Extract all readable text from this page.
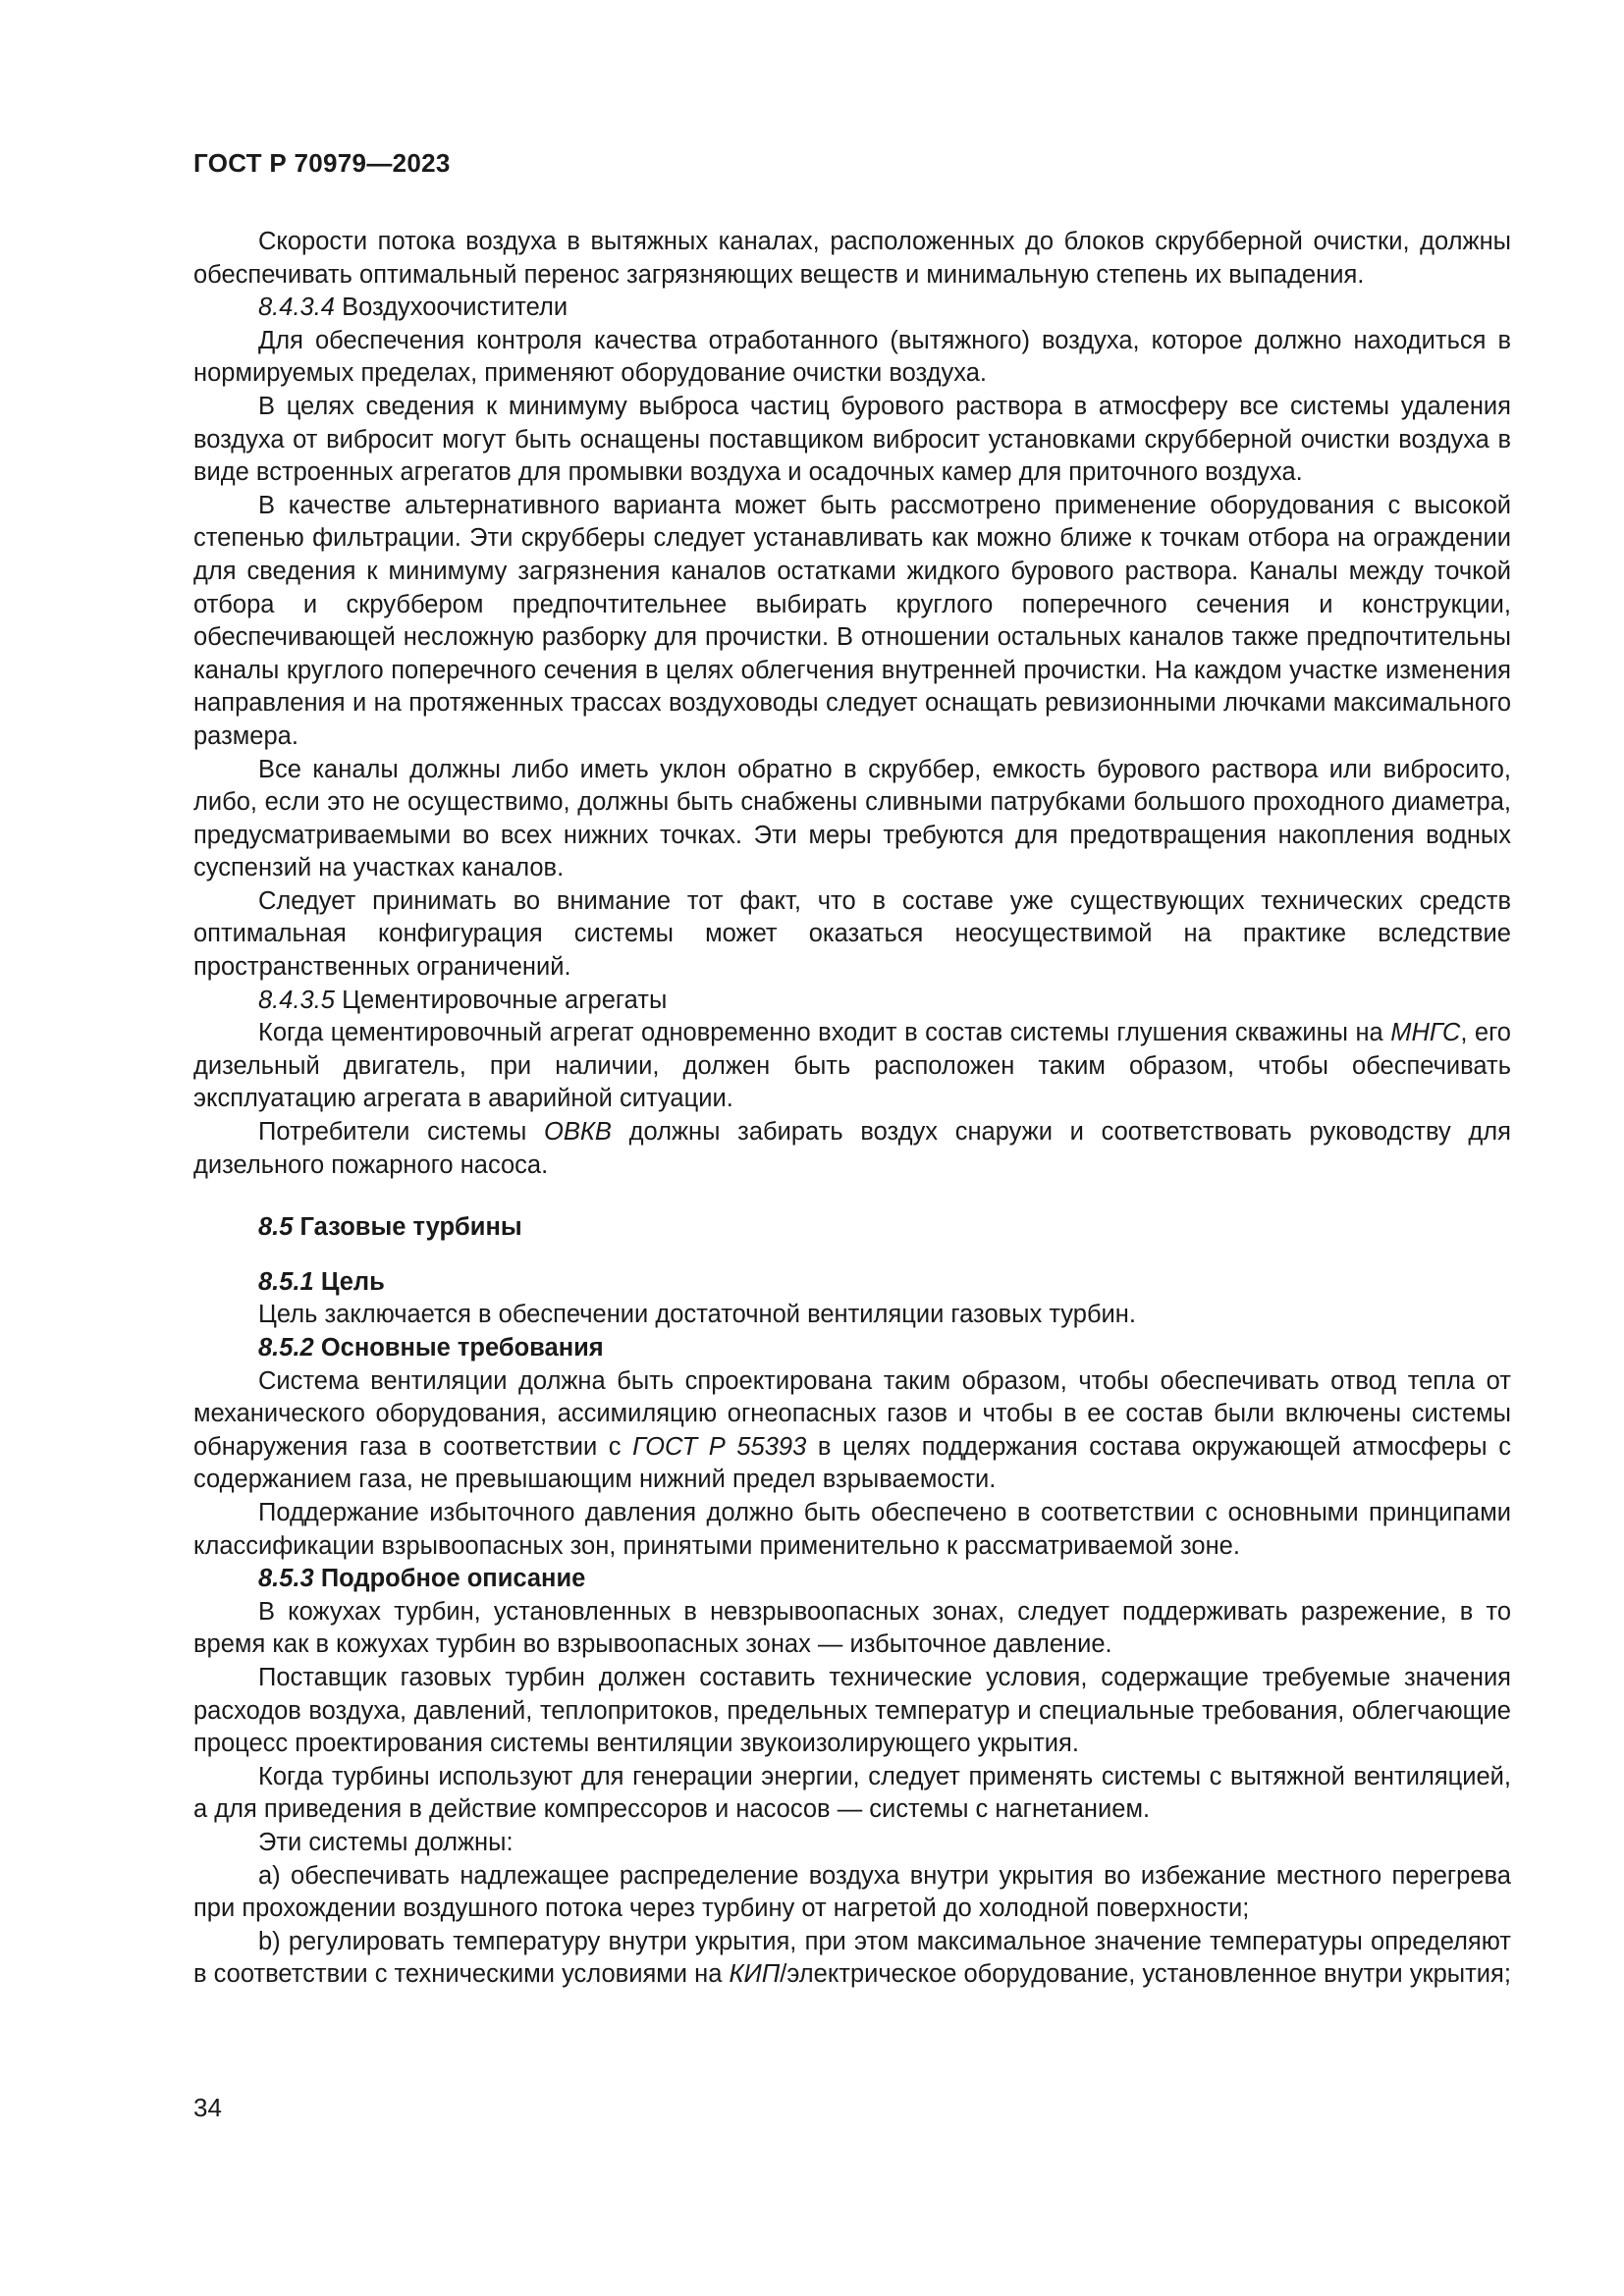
ГОСТ Р 70979—2023

Скорости потока воздуха в вытяжных каналах, расположенных до блоков скрубберной очистки, должны обеспечивать оптимальный перенос загрязняющих веществ и минимальную степень их выпадения.

8.4.3.4 Воздухоочистители

Для обеспечения контроля качества отработанного (вытяжного) воздуха, которое должно находиться в нормируемых пределах, применяют оборудование очистки воздуха.

В целях сведения к минимуму выброса частиц бурового раствора в атмосферу все системы удаления воздуха от вибросит могут быть оснащены поставщиком вибросит установками скрубберной очистки воздуха в виде встроенных агрегатов для промывки воздуха и осадочных камер для приточного воздуха.

В качестве альтернативного варианта может быть рассмотрено применение оборудования с высокой степенью фильтрации. Эти скрубберы следует устанавливать как можно ближе к точкам отбора на ограждении для сведения к минимуму загрязнения каналов остатками жидкого бурового раствора. Каналы между точкой отбора и скруббером предпочтительнее выбирать круглого поперечного сечения и конструкции, обеспечивающей несложную разборку для прочистки. В отношении остальных каналов также предпочтительны каналы круглого поперечного сечения в целях облегчения внутренней прочистки. На каждом участке изменения направления и на протяженных трассах воздуховоды следует оснащать ревизионными лючками максимального размера.

Все каналы должны либо иметь уклон обратно в скруббер, емкость бурового раствора или вибросито, либо, если это не осуществимо, должны быть снабжены сливными патрубками большого проходного диаметра, предусматриваемыми во всех нижних точках. Эти меры требуются для предотвращения накопления водных суспензий на участках каналов.

Следует принимать во внимание тот факт, что в составе уже существующих технических средств оптимальная конфигурация системы может оказаться неосуществимой на практике вследствие пространственных ограничений.

8.4.3.5 Цементировочные агрегаты

Когда цементировочный агрегат одновременно входит в состав системы глушения скважины на МНГС, его дизельный двигатель, при наличии, должен быть расположен таким образом, чтобы обеспечивать эксплуатацию агрегата в аварийной ситуации.

Потребители системы ОВКВ должны забирать воздух снаружи и соответствовать руководству для дизельного пожарного насоса.

8.5 Газовые турбины

8.5.1 Цель

Цель заключается в обеспечении достаточной вентиляции газовых турбин.

8.5.2 Основные требования

Система вентиляции должна быть спроектирована таким образом, чтобы обеспечивать отвод тепла от механического оборудования, ассимиляцию огнеопасных газов и чтобы в ее состав были включены системы обнаружения газа в соответствии с ГОСТ Р 55393 в целях поддержания состава окружающей атмосферы с содержанием газа, не превышающим нижний предел взрываемости.

Поддержание избыточного давления должно быть обеспечено в соответствии с основными принципами классификации взрывоопасных зон, принятыми применительно к рассматриваемой зоне.

8.5.3 Подробное описание

В кожухах турбин, установленных в невзрывоопасных зонах, следует поддерживать разрежение, в то время как в кожухах турбин во взрывоопасных зонах — избыточное давление.

Поставщик газовых турбин должен составить технические условия, содержащие требуемые значения расходов воздуха, давлений, теплопритоков, предельных температур и специальные требования, облегчающие процесс проектирования системы вентиляции звукоизолирующего укрытия.

Когда турбины используют для генерации энергии, следует применять системы с вытяжной вентиляцией, а для приведения в действие компрессоров и насосов — системы с нагнетанием.

Эти системы должны:

а) обеспечивать надлежащее распределение воздуха внутри укрытия во избежание местного перегрева при прохождении воздушного потока через турбину от нагретой до холодной поверхности;

b) регулировать температуру внутри укрытия, при этом максимальное значение температуры определяют в соответствии с техническими условиями на КИП/электрическое оборудование, установленное внутри укрытия;

34
